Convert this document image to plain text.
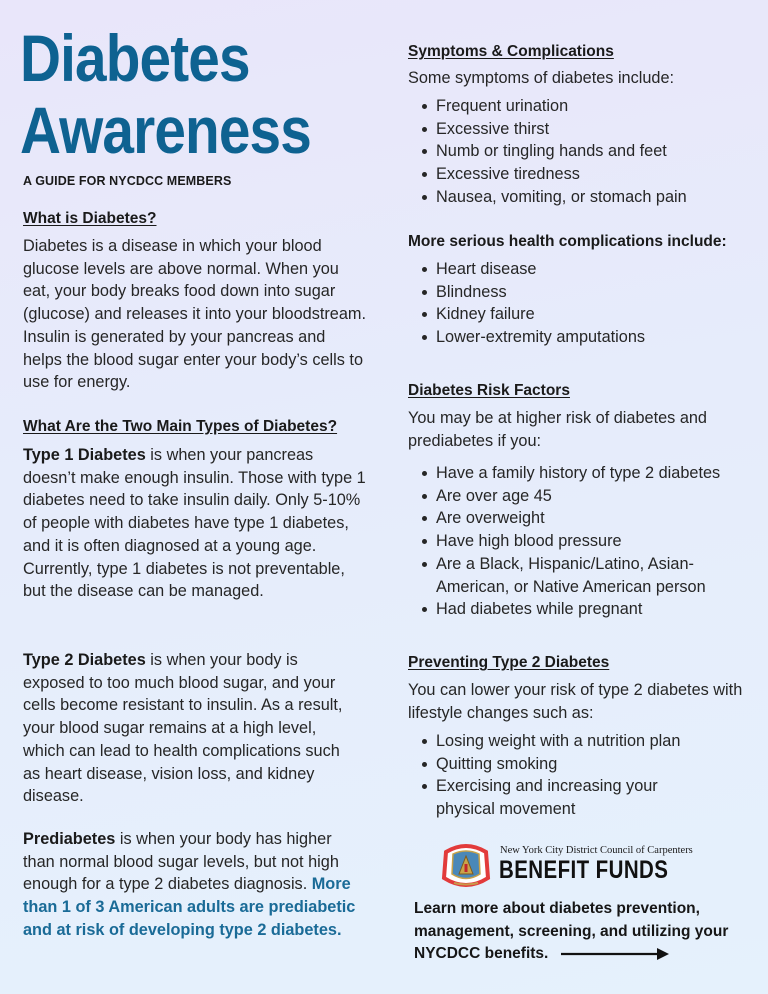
Diabetes
Awareness
A GUIDE FOR NYCDCC MEMBERS
What is Diabetes?
Diabetes is a disease in which your blood glucose levels are above normal. When you eat, your body breaks food down into sugar (glucose) and releases it into your bloodstream. Insulin is generated by your pancreas and helps the blood sugar enter your body’s cells to use for energy.
What Are the Two Main Types of Diabetes?
Type 1 Diabetes is when your pancreas doesn’t make enough insulin. Those with type 1 diabetes need to take insulin daily. Only 5-10% of people with diabetes have type 1 diabetes, and it is often diagnosed at a young age. Currently, type 1 diabetes is not preventable, but the disease can be managed.
Type 2 Diabetes is when your body is exposed to too much blood sugar, and your cells become resistant to insulin. As a result, your blood sugar remains at a high level, which can lead to health complications such as heart disease, vision loss, and kidney disease.
Prediabetes is when your body has higher than normal blood sugar levels, but not high enough for a type 2 diabetes diagnosis. More than 1 of 3 American adults are prediabetic and at risk of developing type 2 diabetes.
Symptoms & Complications
Some symptoms of diabetes include:
Frequent urination
Excessive thirst
Numb or tingling hands and feet
Excessive tiredness
Nausea, vomiting, or stomach pain
More serious health complications include:
Heart disease
Blindness
Kidney failure
Lower-extremity amputations
Diabetes Risk Factors
You may be at higher risk of diabetes and prediabetes if you:
Have a family history of type 2 diabetes
Are over age 45
Are overweight
Have high blood pressure
Are a Black, Hispanic/Latino, Asian-American, or Native American person
Had diabetes while pregnant
Preventing Type 2 Diabetes
You can lower your risk of type 2 diabetes with lifestyle changes such as:
Losing weight with a nutrition plan
Quitting smoking
Exercising and increasing your physical movement
New York City District Council of Carpenters
BENEFIT FUNDS
Learn more about diabetes prevention, management, screening, and utilizing your NYCDCC benefits.
